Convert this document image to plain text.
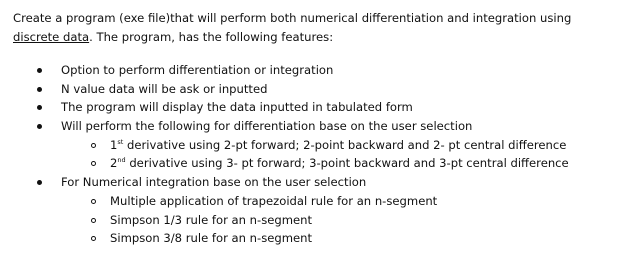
Create a program (exe file)that will perform both numerical differentiation and integration using
discrete data. The program, has the following features:
Option to perform differentiation or integration
N value data will be ask or inputted
The program will display the data inputted in tabulated form
Will perform the following for differentiation base on the user selection
1st derivative using 2-pt forward; 2-point backward and 2- pt central difference
2nd derivative using 3- pt forward; 3-point backward and 3-pt central difference
For Numerical integration base on the user selection
Multiple application of trapezoidal rule for an n-segment
Simpson 1/3 rule for an n-segment
Simpson 3/8 rule for an n-segment
